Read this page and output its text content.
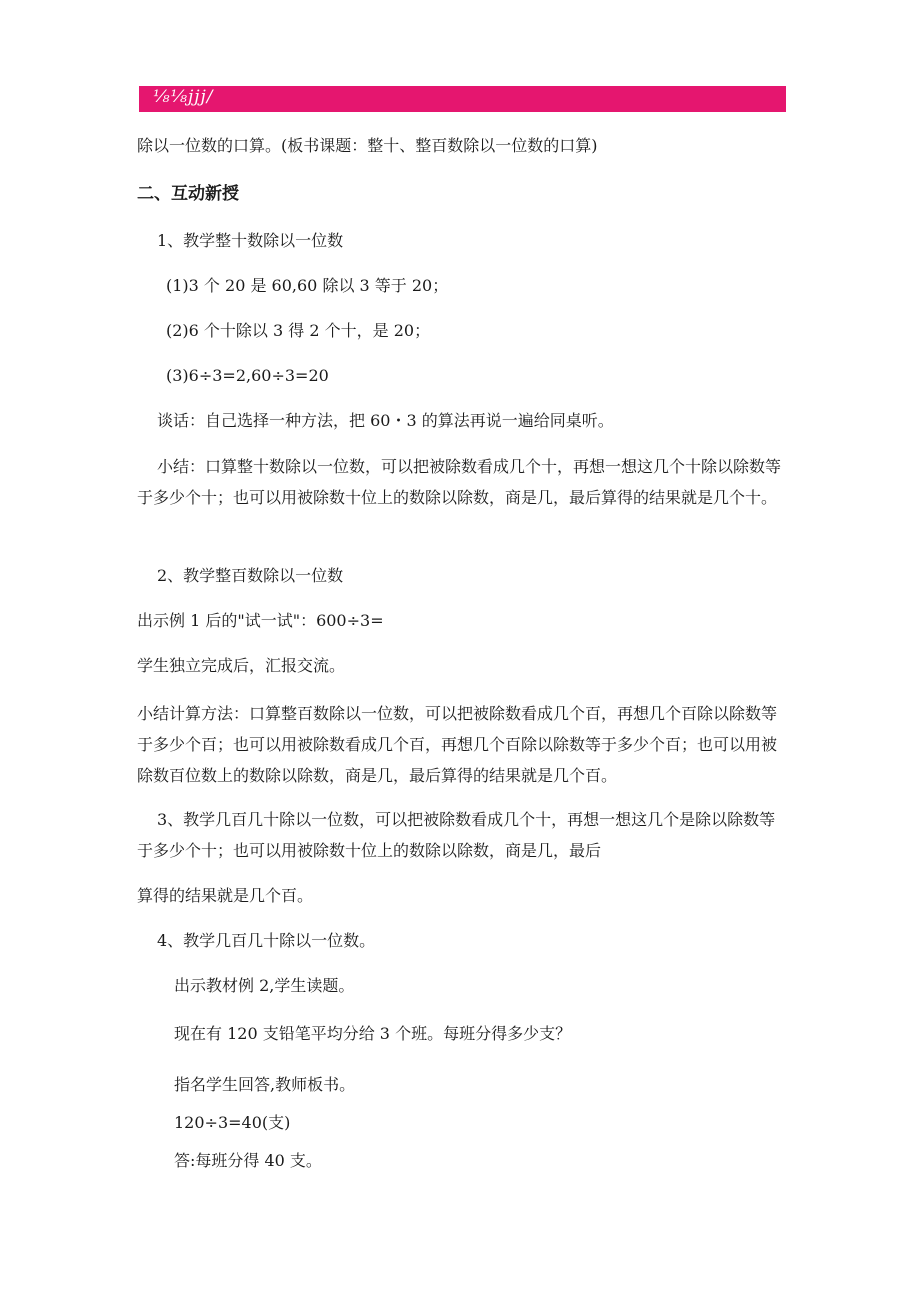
⅛⅛jjj/
除以一位数的口算。(板书课题：整十、整百数除以一位数的口算)
二、互动新授
1、教学整十数除以一位数
(1)3 个 20 是 60,60 除以 3 等于 20；
(2)6 个十除以 3 得 2 个十，是 20；
(3)6÷3=2,60÷3=20
谈话：自己选择一种方法，把 60・3 的算法再说一遍给同桌听。
小结：口算整十数除以一位数，可以把被除数看成几个十，再想一想这几个十除以除数等于多少个十；也可以用被除数十位上的数除以除数，商是几，最后算得的结果就是几个十。
2、教学整百数除以一位数
出示例 1 后的"试一试"：600÷3=
学生独立完成后，汇报交流。
小结计算方法：口算整百数除以一位数，可以把被除数看成几个百，再想几个百除以除数等于多少个百；也可以用被除数看成几个百，再想几个百除以除数等于多少个百；也可以用被除数百位数上的数除以除数，商是几，最后算得的结果就是几个百。
3、教学几百几十除以一位数，可以把被除数看成几个十，再想一想这几个是除以除数等于多少个十；也可以用被除数十位上的数除以除数，商是几，最后
算得的结果就是几个百。
4、教学几百几十除以一位数。
出示教材例 2,学生读题。
现在有 120 支铅笔平均分给 3 个班。每班分得多少支？
指名学生回答,教师板书。
120÷3=40(支)
答:每班分得 40 支。
